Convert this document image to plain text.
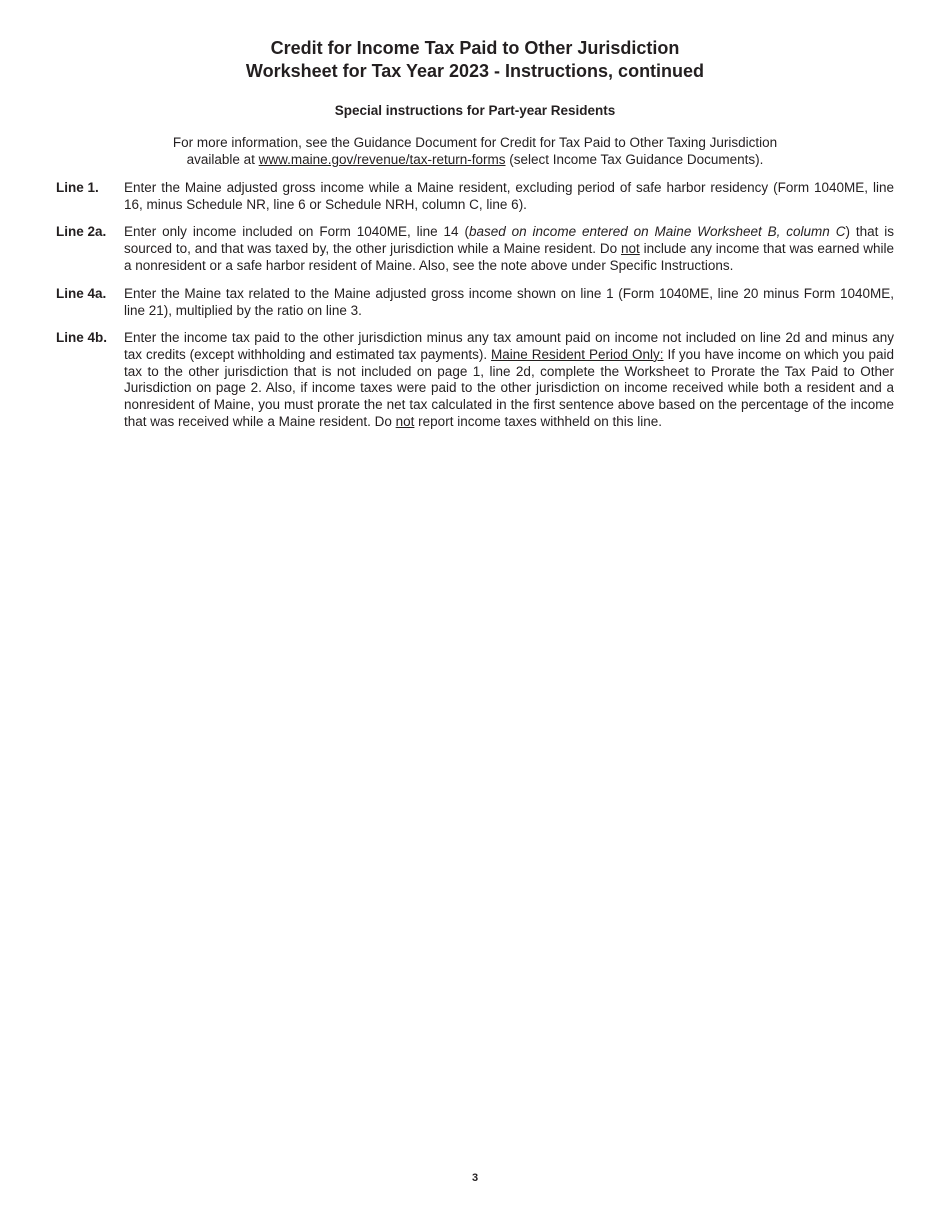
Credit for Income Tax Paid to Other Jurisdiction
Worksheet for Tax Year 2023 - Instructions, continued
Special instructions for Part-year Residents
For more information, see the Guidance Document for Credit for Tax Paid to Other Taxing Jurisdiction
available at www.maine.gov/revenue/tax-return-forms (select Income Tax Guidance Documents).
Line 1.	Enter the Maine adjusted gross income while a Maine resident, excluding period of safe harbor residency (Form 1040ME, line 16, minus Schedule NR, line 6 or Schedule NRH, column C, line 6).
Line 2a.	Enter only income included on Form 1040ME, line 14 (based on income entered on Maine Worksheet B, column C) that is sourced to, and that was taxed by, the other jurisdiction while a Maine resident. Do not include any income that was earned while a nonresident or a safe harbor resident of Maine. Also, see the note above under Specific Instructions.
Line 4a.	Enter the Maine tax related to the Maine adjusted gross income shown on line 1 (Form 1040ME, line 20 minus Form 1040ME, line 21), multiplied by the ratio on line 3.
Line 4b.	Enter the income tax paid to the other jurisdiction minus any tax amount paid on income not included on line 2d and minus any tax credits (except withholding and estimated tax payments). Maine Resident Period Only: If you have income on which you paid tax to the other jurisdiction that is not included on page 1, line 2d, complete the Worksheet to Prorate the Tax Paid to Other Jurisdiction on page 2. Also, if income taxes were paid to the other jurisdiction on income received while both a resident and a nonresident of Maine, you must prorate the net tax calculated in the first sentence above based on the percentage of the income that was received while a Maine resident. Do not report income taxes withheld on this line.
3
